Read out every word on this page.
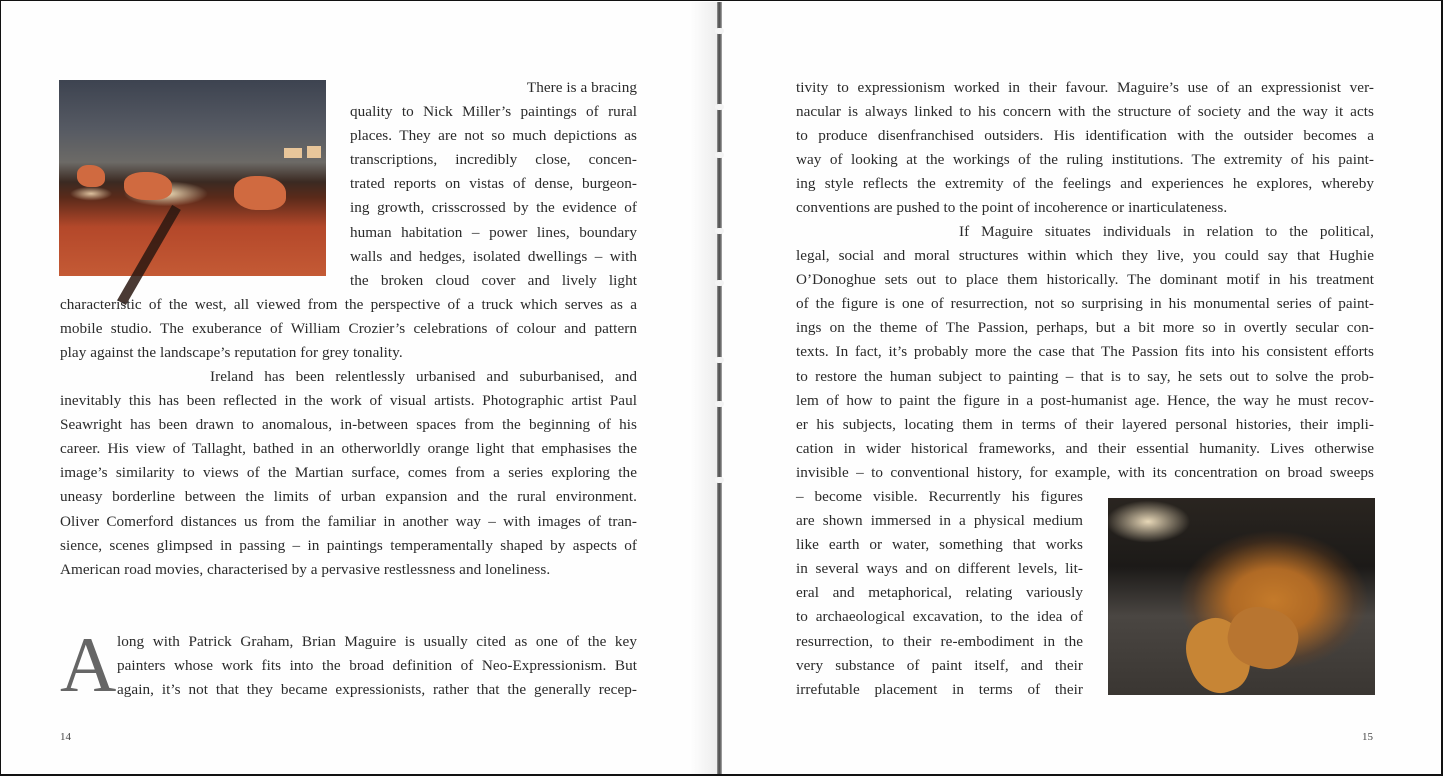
There is a bracing
quality to Nick Miller’s paintings of rural
places. They are not so much depictions as
transcriptions, incredibly close, concen-
trated reports on vistas of dense, burgeon-
ing growth, crisscrossed by the evidence of
human habitation – power lines, boundary
walls and hedges, isolated dwellings – with
the broken cloud cover and lively light
characteristic of the west, all viewed from the perspective of a truck which serves as a
mobile studio. The exuberance of William Crozier’s celebrations of colour and pattern
play against the landscape’s reputation for grey tonality.
Ireland has been relentlessly urbanised and suburbanised, and
inevitably this has been reflected in the work of visual artists. Photographic artist Paul
Seawright has been drawn to anomalous, in-between spaces from the beginning of his
career. His view of Tallaght, bathed in an otherworldly orange light that emphasises the
image’s similarity to views of the Martian surface, comes from a series exploring the
uneasy borderline between the limits of urban expansion and the rural environment.
Oliver Comerford distances us from the familiar in another way – with images of tran-
sience, scenes glimpsed in passing – in paintings temperamentally shaped by aspects of
American road movies, characterised by a pervasive restlessness and loneliness.
A long with Patrick Graham, Brian Maguire is usually cited as one of the key
painters whose work fits into the broad definition of Neo-Expressionism. But
again, it’s not that they became expressionists, rather that the generally recep-
14
tivity to expressionism worked in their favour. Maguire’s use of an expressionist ver-
nacular is always linked to his concern with the structure of society and the way it acts
to produce disenfranchised outsiders. His identification with the outsider becomes a
way of looking at the workings of the ruling institutions. The extremity of his paint-
ing style reflects the extremity of the feelings and experiences he explores, whereby
conventions are pushed to the point of incoherence or inarticulateness.
If Maguire situates individuals in relation to the political,
legal, social and moral structures within which they live, you could say that Hughie
O’Donoghue sets out to place them historically. The dominant motif in his treatment
of the figure is one of resurrection, not so surprising in his monumental series of paint-
ings on the theme of The Passion, perhaps, but a bit more so in overtly secular con-
texts. In fact, it’s probably more the case that The Passion fits into his consistent efforts
to restore the human subject to painting – that is to say, he sets out to solve the prob-
lem of how to paint the figure in a post-humanist age. Hence, the way he must recov-
er his subjects, locating them in terms of their layered personal histories, their impli-
cation in wider historical frameworks, and their essential humanity. Lives otherwise
invisible – to conventional history, for example, with its concentration on broad sweeps
– become visible. Recurrently his figures
are shown immersed in a physical medium
like earth or water, something that works
in several ways and on different levels, lit-
eral and metaphorical, relating variously
to archaeological excavation, to the idea of
resurrection, to their re-embodiment in the
very substance of paint itself, and their
irrefutable placement in terms of their
15
